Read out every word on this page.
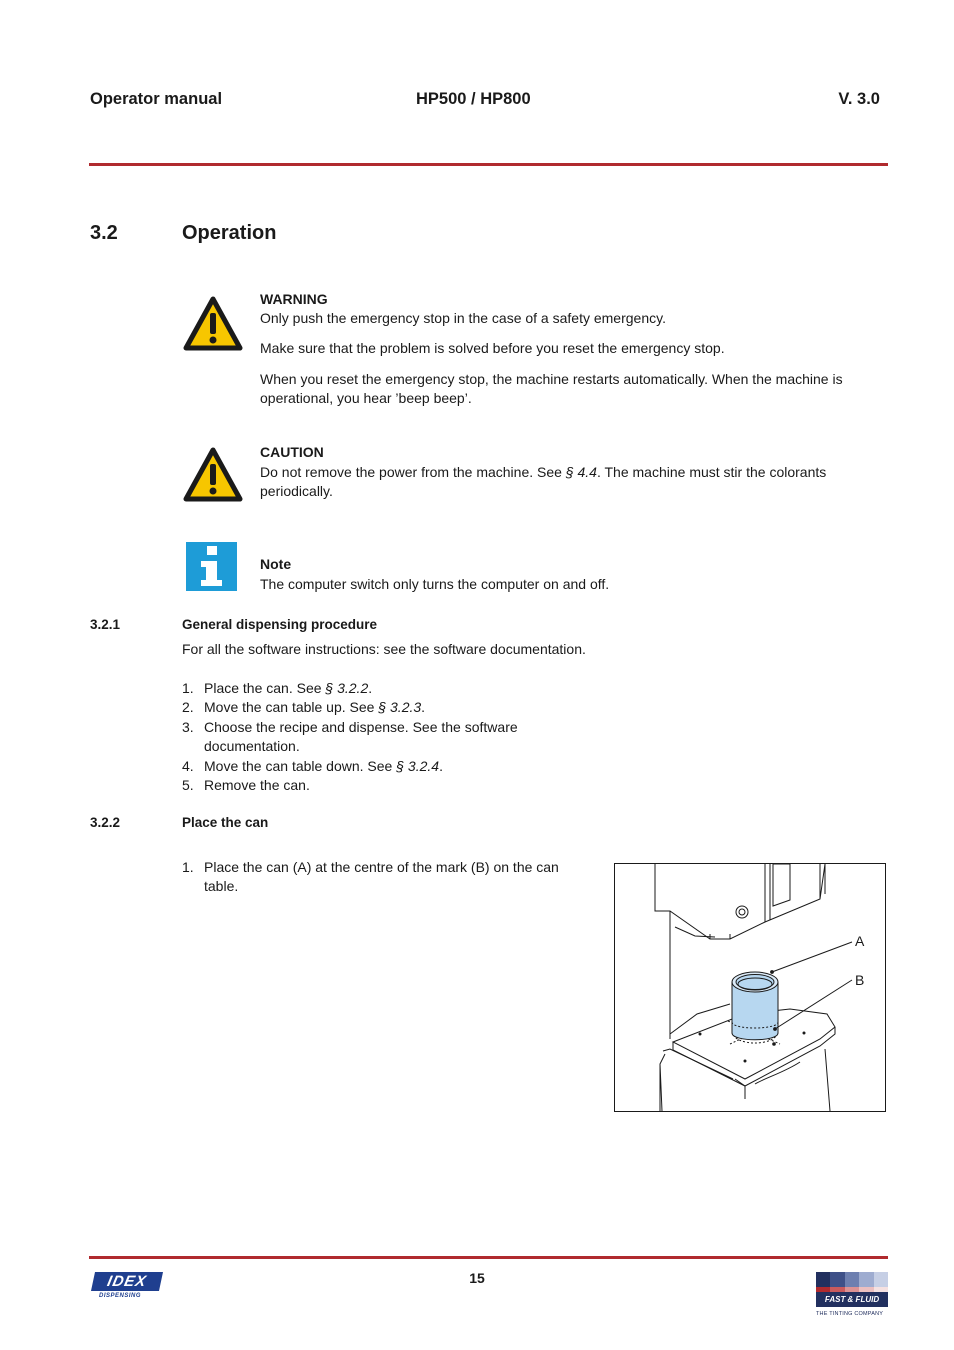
Operator manual	HP500 / HP800	V. 3.0
3.2	Operation
WARNING
Only push the emergency stop in the case of a safety emergency.
Make sure that the problem is solved before you reset the emergency stop.
When you reset the emergency stop, the machine restarts automatically. When the machine is operational, you hear ’beep beep’.
CAUTION
Do not remove the power from the machine. See § 4.4. The machine must stir the colorants periodically.
Note
The computer switch only turns the computer on and off.
3.2.1	General dispensing procedure
For all the software instructions: see the software documentation.
1. Place the can. See § 3.2.2.
2. Move the can table up. See § 3.2.3.
3. Choose the recipe and dispense. See the software documentation.
4. Move the can table down. See § 3.2.4.
5. Remove the can.
3.2.2	Place the can
1. Place the can (A) at the centre of the mark (B) on the can table.
A
B
15
IDEX
DISPENSING	FAST & FLUID
THE TINTING COMPANY
